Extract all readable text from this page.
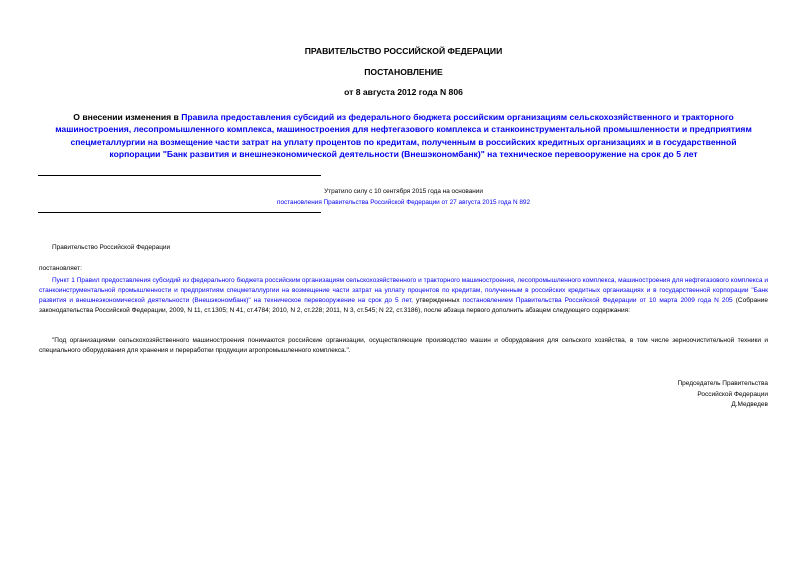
ПРАВИТЕЛЬСТВО РОССИЙСКОЙ ФЕДЕРАЦИИ
ПОСТАНОВЛЕНИЕ
от 8 августа 2012 года N 806
О внесении изменения в Правила предоставления субсидий из федерального бюджета российским организациям сельскохозяйственного и тракторного машиностроения, лесопромышленного комплекса, машиностроения для нефтегазового комплекса и станкоинструментальной промышленности и предприятиям спецметаллургии на возмещение части затрат на уплату процентов по кредитам, полученным в российских кредитных организациях и в государственной корпорации "Банк развития и внешнеэкономической деятельности (Внешэкономбанк)" на техническое перевооружение на срок до 5 лет
Утратило силу с 10 сентября 2015 года на основании
постановления Правительства Российской Федерации от 27 августа 2015 года N 892
Правительство Российской Федерации
постановляет:
Пункт 1 Правил предоставления субсидий из федерального бюджета российским организациям сельскохозяйственного и тракторного машиностроения, лесопромышленного комплекса, машиностроения для нефтегазового комплекса и станкоинструментальной промышленности и предприятиям спецметаллургии на возмещение части затрат на уплату процентов по кредитам, полученным в российских кредитных организациях и в государственной корпорации "Банк развития и внешнеэкономической деятельности (Внешэкономбанк)" на техническое перевооружение на срок до 5 лет, утвержденных постановлением Правительства Российской Федерации от 10 марта 2009 года N 205 (Собрание законодательства Российской Федерации, 2009, N 11, ст.1305; N 41, ст.4784; 2010, N 2, ст.228; 2011, N 3, ст.545; N 22, ст.3186), после абзаца первого дополнить абзацем следующего содержания:
"Под организациями сельскохозяйственного машиностроения понимаются российские организации, осуществляющие производство машин и оборудования для сельского хозяйства, в том числе зерноочистительной техники и специального оборудования для хранения и переработки продукции агропромышленного комплекса.".
Председатель Правительства
Российской Федерации
Д.Медведев
